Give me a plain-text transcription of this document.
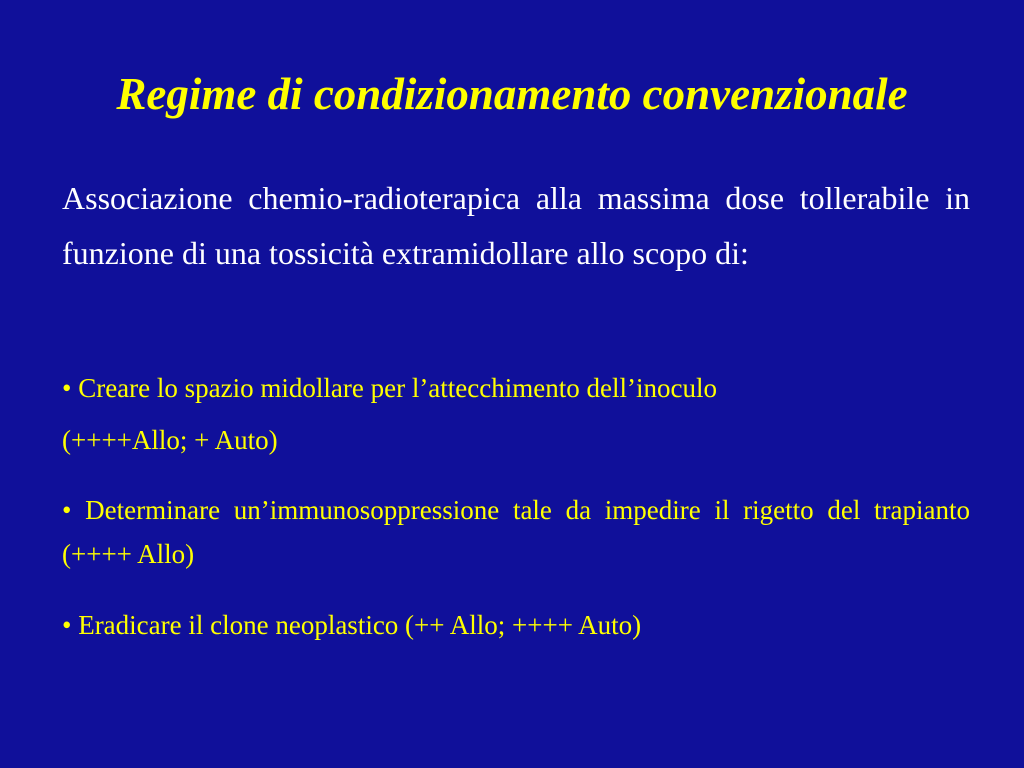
Regime di condizionamento convenzionale
Associazione chemio-radioterapica alla massima dose tollerabile in funzione di una tossicità extramidollare allo scopo di:
• Creare lo spazio midollare per l’attecchimento dell’inoculo
(++++Allo; + Auto)
• Determinare un’immunosoppressione tale da impedire il rigetto del trapianto (++++ Allo)
• Eradicare il clone neoplastico (++ Allo; ++++ Auto)
